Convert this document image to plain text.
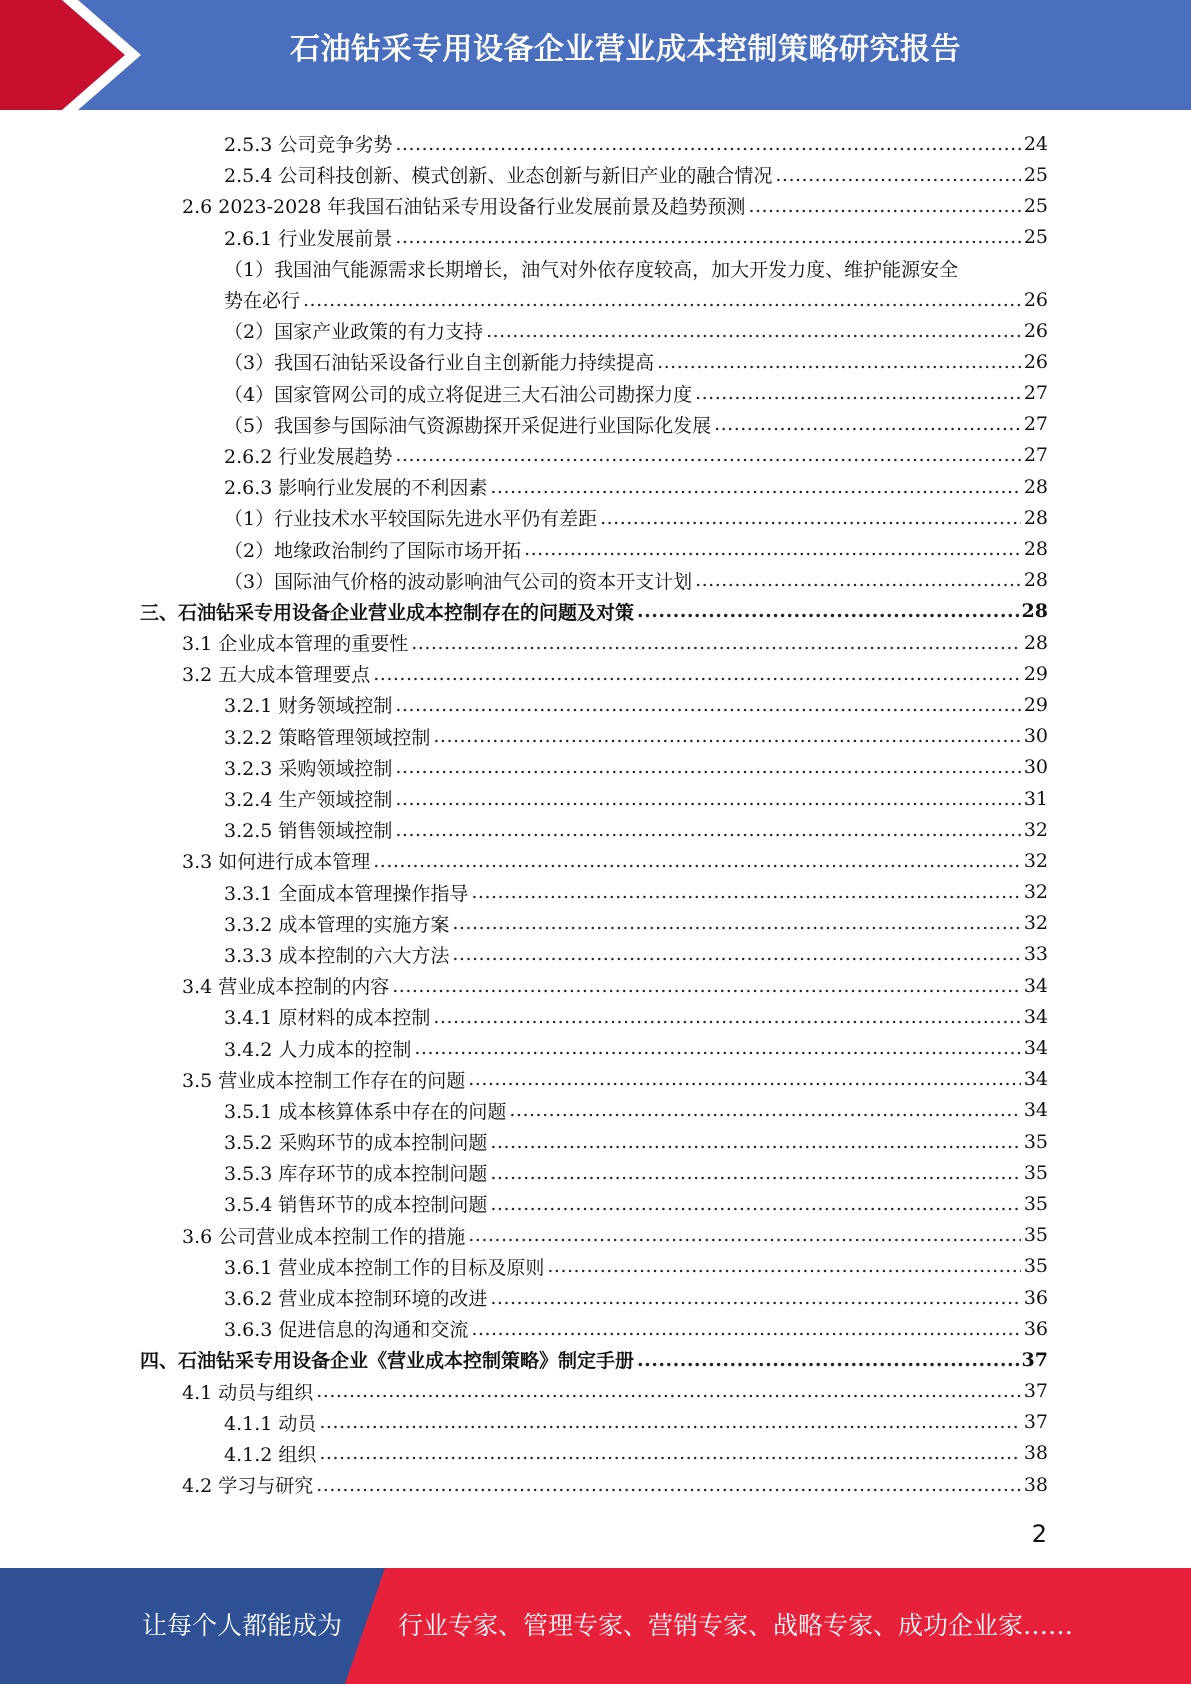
石油钻采专用设备企业营业成本控制策略研究报告
2.5.3 公司竞争劣势 .....	24
2.5.4 公司科技创新、模式创新、业态创新与新旧产业的融合情况 .....	25
2.6 2023-2028 年我国石油钻采专用设备行业发展前景及趋势预测 .....	25
2.6.1 行业发展前景 .....	25
（1）我国油气能源需求长期增长，油气对外依存度较高，加大开发力度、维护能源安全
势在必行 .....	26
（2）国家产业政策的有力支持 .....	26
（3）我国石油钻采设备行业自主创新能力持续提高 .....	26
（4）国家管网公司的成立将促进三大石油公司勘探力度 .....	27
（5）我国参与国际油气资源勘探开采促进行业国际化发展 .....	27
2.6.2 行业发展趋势 .....	27
2.6.3 影响行业发展的不利因素 .....	28
（1）行业技术水平较国际先进水平仍有差距 .....	28
（2）地缘政治制约了国际市场开拓 .....	28
（3）国际油气价格的波动影响油气公司的资本开支计划 .....	28
三、石油钻采专用设备企业营业成本控制存在的问题及对策 .....	28
3.1 企业成本管理的重要性 .....	28
3.2 五大成本管理要点 .....	29
3.2.1 财务领域控制 .....	29
3.2.2 策略管理领域控制 .....	30
3.2.3 采购领域控制 .....	30
3.2.4 生产领域控制 .....	31
3.2.5 销售领域控制 .....	32
3.3 如何进行成本管理 .....	32
3.3.1 全面成本管理操作指导 .....	32
3.3.2 成本管理的实施方案 .....	32
3.3.3 成本控制的六大方法 .....	33
3.4 营业成本控制的内容 .....	34
3.4.1 原材料的成本控制 .....	34
3.4.2 人力成本的控制 .....	34
3.5 营业成本控制工作存在的问题 .....	34
3.5.1 成本核算体系中存在的问题 .....	34
3.5.2 采购环节的成本控制问题 .....	35
3.5.3 库存环节的成本控制问题 .....	35
3.5.4 销售环节的成本控制问题 .....	35
3.6 公司营业成本控制工作的措施 .....	35
3.6.1 营业成本控制工作的目标及原则 .....	35
3.6.2 营业成本控制环境的改进 .....	36
3.6.3 促进信息的沟通和交流 .....	36
四、石油钻采专用设备企业《营业成本控制策略》制定手册 .....	37
4.1 动员与组织 .....	37
4.1.1 动员 .....	37
4.1.2 组织 .....	38
4.2 学习与研究 .....	38
2
让每个人都能成为 行业专家、管理专家、营销专家、战略专家、成功企业家……
